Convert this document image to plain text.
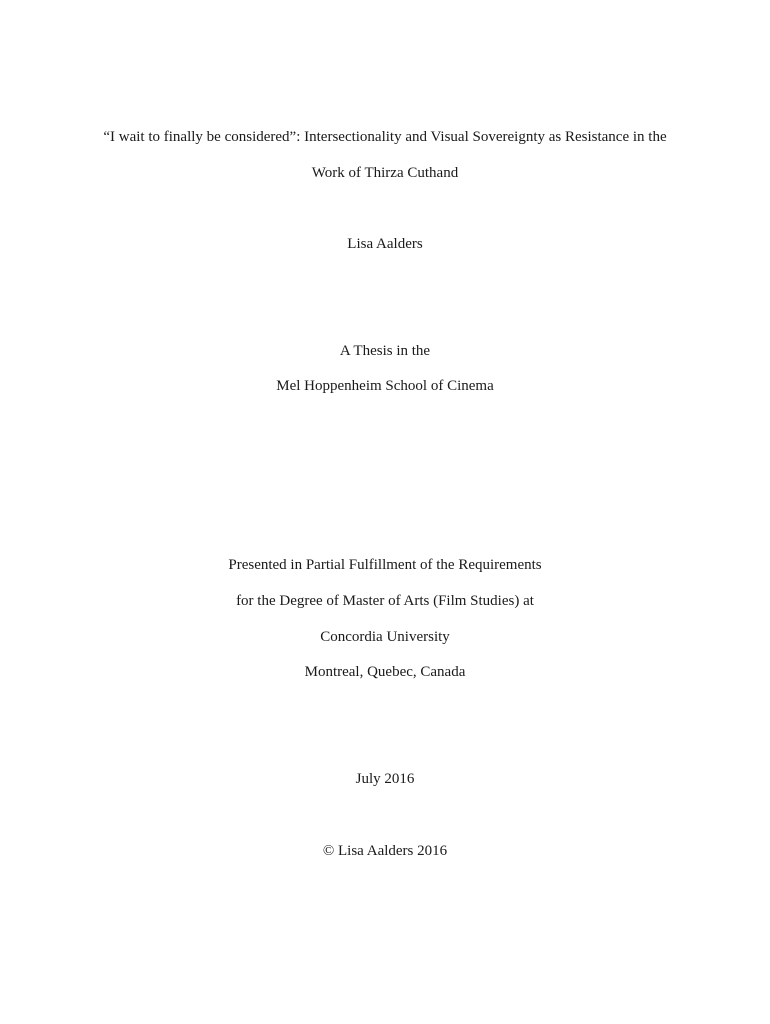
“I wait to finally be considered”: Intersectionality and Visual Sovereignty as Resistance in the
Work of Thirza Cuthand
Lisa Aalders
A Thesis in the
Mel Hoppenheim School of Cinema
Presented in Partial Fulfillment of the Requirements
for the Degree of Master of Arts (Film Studies) at
Concordia University
Montreal, Quebec, Canada
July 2016
© Lisa Aalders 2016
